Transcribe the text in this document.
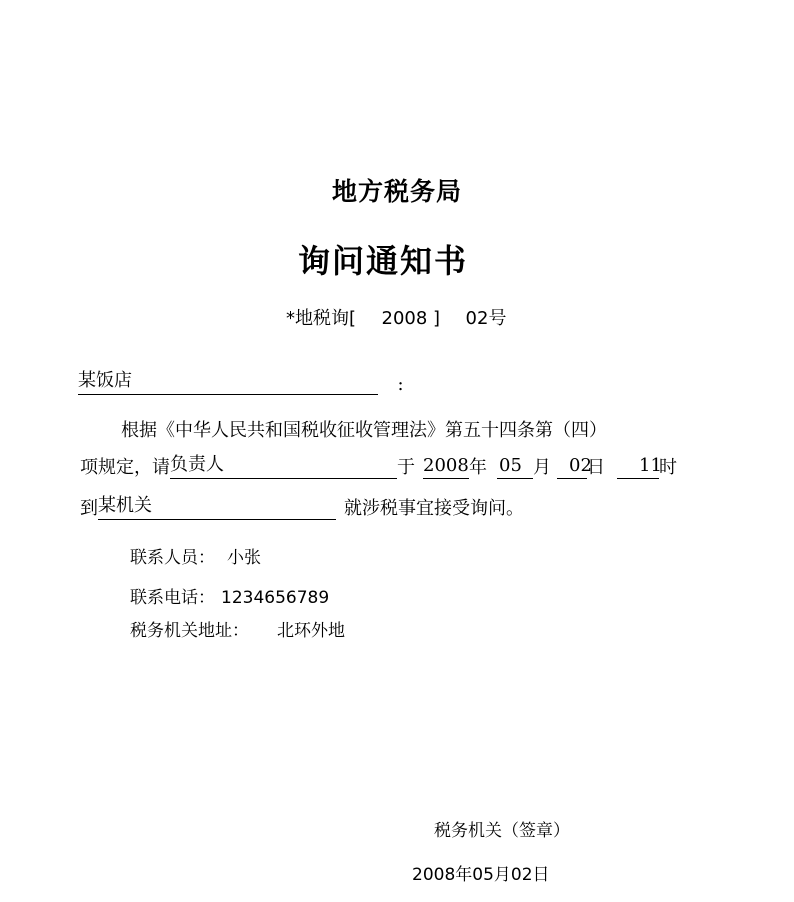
地方税务局
询问通知书
*地税询[ 2008 ] 02号
某饭店	:
根据《中华人民共和国税收征收管理法》第五十四条第（四）
项规定，请 负责人	于 2008 年 05 月 02
日 11
时
到 某机关	就涉税事宜接受询问。
联系人员： 小张
联系电话： 1234656789
税务机关地址： 北环外地
税务机关（签章）
2008年05月02日
